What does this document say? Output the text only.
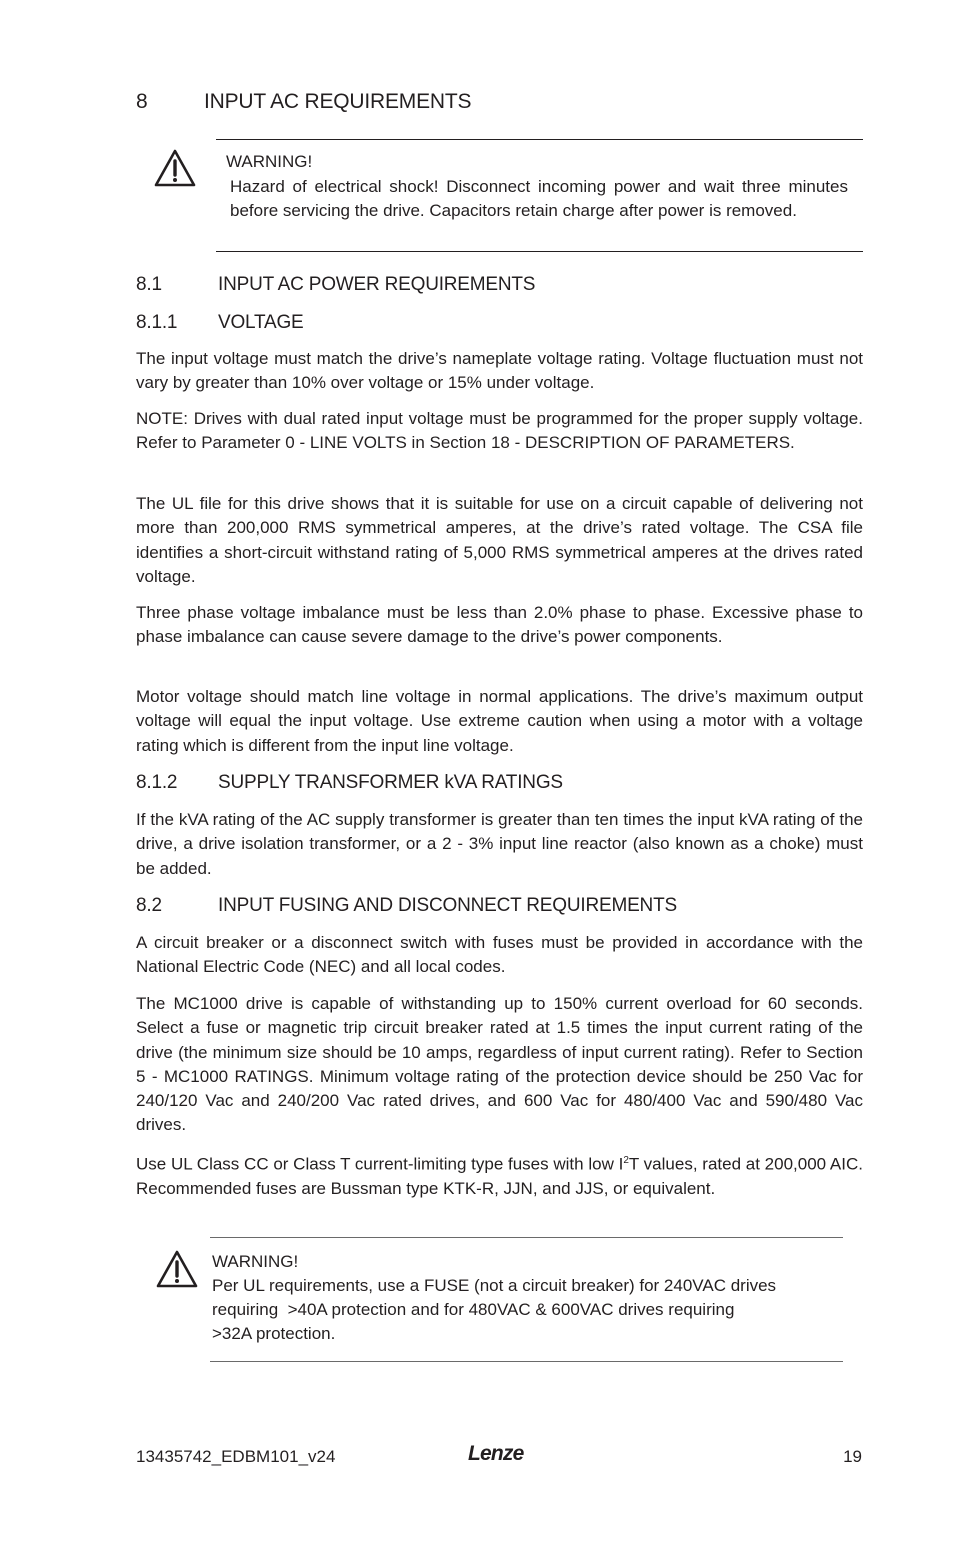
8	INPUT AC REQUIREMENTS
WARNING!
Hazard of electrical shock! Disconnect incoming power and wait three minutes before servicing the drive. Capacitors retain charge after power is removed.
8.1	INPUT AC POWER REQUIREMENTS
8.1.1 VOLTAGE
The input voltage must match the drive’s nameplate voltage rating. Voltage fluctuation must not vary by greater than 10% over voltage or 15% under voltage.
NOTE: Drives with dual rated input voltage must be programmed for the proper supply voltage. Refer to Parameter 0 - LINE VOLTS in Section 18 - DESCRIPTION OF PARAMETERS.
The UL file for this drive shows that it is suitable for use on a circuit capable of delivering not more than 200,000 RMS symmetrical amperes, at the drive’s rated voltage. The CSA file identifies a short-circuit withstand rating of 5,000 RMS symmetrical amperes at the drives rated voltage.
Three phase voltage imbalance must be less than 2.0% phase to phase. Excessive phase to phase imbalance can cause severe damage to the drive’s power components.
Motor voltage should match line voltage in normal applications. The drive’s maximum output voltage will equal the input voltage. Use extreme caution when using a motor with a voltage rating which is different from the input line voltage.
8.1.2 SUPPLY TRANSFORMER kVA RATINGS
If the kVA rating of the AC supply transformer is greater than ten times the input kVA rating of the drive, a drive isolation transformer, or a 2 - 3% input line reactor (also known as a choke) must be added.
8.2	INPUT FUSING AND DISCONNECT REQUIREMENTS
A circuit breaker or a disconnect switch with fuses must be provided in accordance with the National Electric Code (NEC) and all local codes.
The MC1000 drive is capable of withstanding up to 150% current overload for 60 seconds. Select a fuse or magnetic trip circuit breaker rated at 1.5 times the input current rating of the drive (the minimum size should be 10 amps, regardless of input current rating). Refer to Section 5 - MC1000 RATINGS. Minimum voltage rating of the protection device should be 250 Vac for 240/120 Vac and 240/200 Vac rated drives, and 600 Vac for 480/400 Vac and 590/480 Vac drives.
Use UL Class CC or Class T current-limiting type fuses with low $I^2T$ values, rated at 200,000 AIC. Recommended fuses are Bussman type KTK-R, JJN, and JJS, or equivalent.
WARNING!
Per UL requirements, use a FUSE (not a circuit breaker) for 240VAC drives
requiring  >40A protection and for 480VAC & 600VAC drives requiring
>32A protection.
13435742_EDBM101_v24	Lenze	19
